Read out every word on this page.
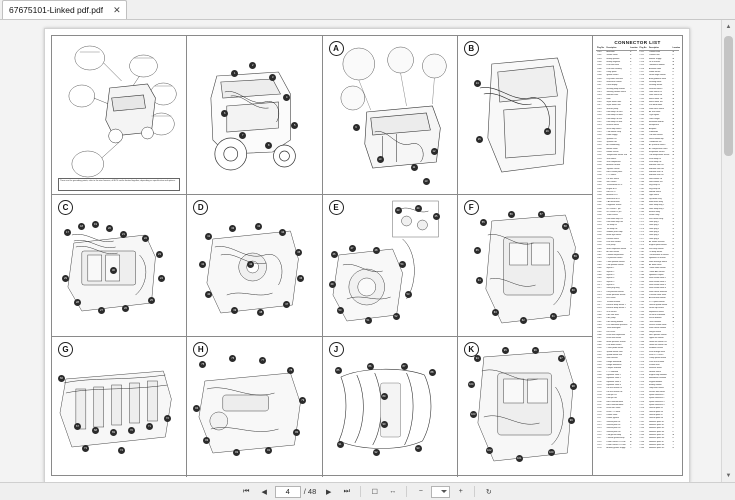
67675101-Linked pdf.pdf ✕
These are the grounding points, refer to the wire harness, all ECU earths located together, depending on specification and options.
1
2
3
4
5
6
7
8
A
9
10
11
12
13
B
14
15
16
C
17
18
19
20
21
22
23
24
25
26
27
28
29
30
D
31
32
33
34
35
36
37
38
39
40
41	42
E	43
44
45
46
47
48
49
50
51
52
53
54
F
55
56	57
58
59
60
61
62
63
64
65
G
66
67
68
69
70
71
72
73
74
H
75
76
77
78
79
80
81
82
83
84
J
85
86	87
88
89
90
91
92
93
K
94
95	96
97
98
99
100
101
102
103
104
CONNECTOR LIST
Plug No.	Description	Location
C001	Alternator	E
C002	Starter motor	E
C003	Battery positive	E
C004	Battery negative	E
C005	Fuse box main	C
C006	Fuse box auxiliary	C
C007	Relay panel	C
C008	Ignition switch	C
C009	Key switch harness	C
C010	Instrument cluster	C
C011	Dash display	C
C012	Warning lamp module	C
C013	Steering column switch	C
C014	Indicator stalk	C
C015	Horn	E
C016	Wiper motor front	A
C017	Wiper motor rear	A
C018	Washer pump	A
C019	Roof lamp LH front	A
C020	Roof lamp RH front	A
C021	Roof lamp LH rear	A
C022	Roof lamp RH rear	A
C023	Beacon socket	A
C024	Work lamp switch	A
C025	Cab interior lamp	A
C026	Radio supply	A
C027	Speaker LH	A
C028	Speaker RH	A
C029	Air conditioning	A
C030	Blower motor	A
C031	Heater control	A
C032	Temperature sensor cab	A
C033	Seat switch	B
C034	Seat compressor	B
C035	Armrest console	B
C036	Joystick control	B
C037	Hitch control panel	B
C038	PTO switch	B
C039	Diff lock switch	B
C040	4WD switch	B
C041	Transmission ECU	D
C042	Engine ECU	E
C043	Hitch ECU	F
C044	Armrest ECU	B
C045	Instrument ECU	C
C046	CAN terminator	D
C047	Diagnostic socket	C
C048	ISO socket 7 pin	K
C049	ISO socket 11 pin	K
C050	Trailer socket	K
C051	Rear work lamp LH	K
C052	Rear work lamp RH	K
C053	Tail lamp LH	K
C054	Tail lamp RH	K
C055	Number plate lamp	K
C056	Brake light switch	K
C057	Reverse alarm	K
C058	Fuel level sender	G
C059	Fuel pump	G
C060	Water separator sensor	G
C061	Air filter sensor	E
C062	Coolant temperature	E
C063	Oil pressure switch	E
C064	Crank position sensor	E
C065	Cam position sensor	E
C066	Injector 1	G
C067	Injector 2	G
C068	Injector 3	G
C069	Injector 4	G
C070	Injector 5	G
C071	Injector 6	G
C072	Glow plug relay	E
C073	Rail pressure sensor	G
C074	Boost pressure sensor	G
C075	EGR valve	G
C076	Throttle actuator	G
C077	Exhaust temp sensor 1	H
C078	Exhaust temp sensor 2	H
C079	NOx sensor	H
C080	DEF tank level	H
C081	DEF pump	H
C082	DEF dosing module	H
C083	DPF differential pressure	H
C084	Turbo wastegate	E
C085	Fan clutch	E
C086	Front axle suspension	D
C087	Front axle sensor	D
C088	Brake pressure sensor	D
C089	Park brake switch	D
C090	Clutch pedal sensor	D
C091	Speed sensor front	D
C092	Speed sensor rear	F
C093	Gear selector	F
C094	Range solenoid A	F
C095	Range solenoid B	F
C096	Creeper solenoid	F
C097	PTO solenoid	F
C098	Hydraulic valve 1	F
C099	Hydraulic valve 2	F
C100	Hydraulic valve 3	F
C101	Hydraulic valve 4	F
C102	Lift arm sensor LH	J
C103	Lift arm sensor RH	J
C104	Draft pin LH	J
C105	Draft pin RH	J
C106	Hitch solenoid raise	J
C107	Hitch solenoid lower	J
C108	Front hitch valve	J
C109	Front PTO valve	J
C110	Loader valve	J
C111	Loader joystick	B
C112	Ground point G1	E
C113	Ground point G2	C
C114	Ground point G3	K
C115	Ground point G4	F
C116	Cab ground strap	A
C117	Chassis ground strap	E
C118	Power socket 12V cab	A
C119	Power socket 12V rear	K
C120	Auxiliary power supply	C
Plug No.	Description	Location
C121	Camera front	A
C122	Camera rear	K
C123	Monitor supply	A
C124	GPS receiver	A
C125	Telematics module	A
C126	Antenna cable	A
C127	Radar sensor	D
C128	Wheel angle sensor	D
C129	Auto guidance valve	F
C130	Steering motor	D
C131	Steering sensor	D
C132	Seat belt switch	B
C133	Door switch LH	A
C134	Door switch RH	A
C135	Mirror motor LH	A
C136	Mirror motor RH	A
C137	Sun blind motor	A
C138	Roof hatch switch	A
C139	Air seat valve	B
C140	Cigar lighter	A
C141	USB charger	A
C142	Bluetooth module	A
C143	Microphone	A
C144	Amplifier	A
C145	Subwoofer	A
C146	Cab filter sensor	A
C147	Recirculation flap	A
C148	Condenser fan	E
C149	AC pressure switch	E
C150	AC compressor clutch	E
C151	Evaporator sensor	A
C152	Cab temperature sensor	A
C153	Front lamp LH	E
C154	Front lamp RH	E
C155	Indicator front LH	E
C156	Indicator front RH	E
C157	Indicator rear LH	K
C158	Indicator rear RH	K
C159	Side marker LH	E
C160	Side marker RH	E
C161	Fog lamp LH	E
C162	Fog lamp RH	E
C163	Hazard switch	C
C164	Light switch	C
C165	Dip beam relay	C
C166	Main beam relay	C
C167	Work lamp relay 1	C
C168	Work lamp relay 2	C
C169	Beacon relay	C
C170	Starter relay	E
C171	Fuel heater relay	G
C172	Glow plug 1	G
C173	Glow plug 2	G
C174	Glow plug 3	G
C175	Glow plug 4	G
C176	Glow plug 5	G
C177	Glow plug 6	G
C178	Air heater element	E
C179	Engine speed sensor	E
C180	Fuel temp sensor	G
C181	Oil temp sensor	F
C182	Transmission oil sensor	F
C183	Hydraulic oil sensor	F
C184	Filter blockage switch	F
C185	Air brake valve	K
C186	Trailer brake sensor	K
C187	Trailer ABS socket	K
C188	Hydraulic coupler	K
C189	Rear remote valve 1	K
C190	Rear remote valve 2	K
C191	Rear remote valve 3	K
C192	Rear remote valve 4	K
C193	Flow control solenoid	F
C194	Pressure relief valve	F
C195	Accumulator sensor	F
C196	PTO speed sensor	F
C197	Ground speed sensor	F
C198	Wheel slip sensor	D
C199	Implement socket	K
C200	ISOBUS terminator	K
C201	Virtual terminal	A
C202	Task controller	A
C203	Section control valve	J
C204	Rate control module	J
C205	Weight sensor	J
C206	Hitch position sensor	J
C207	Upper link sensor	J
C208	Lower link sensor LH	J
C209	Lower link sensor RH	J
C210	Stabiliser sensor	J
C211	Front linkage valve	J
C212	Front PTO clutch	J
C213	Creep speed sensor	F
C214	Park lock actuator	F
C215	Shuttle lever	C
C216	Reverse switch	C
C217	Neutral switch	C
C218	Engine stop solenoid	E
C219	Immobiliser antenna	C
C220	Keypad module	C
C221	Battery isolator	E
C222	Jump start socket	E
C223	Service tool socket	C
C224	Spare connector 1	C
C225	Spare connector 2	K
C226	Spare connector 3	F
C227	Spare connector 4	E
C228	Ground point G5	J
C229	Ground point G6	D
C230	Ground point G7	B
C231	Ground point G8	H
C232	Harness splice S1	E
C233	Harness splice S2	C
C234	Harness splice S3	K
C235	Harness splice S4	F
C236	Harness splice S5	A
C237	Harness splice S6	D
C238	Harness splice S7	G
C239	Harness splice S8	J
C240	Harness splice S9	B
▲
▼
⏮	◀
4	/ 48	▶	⏭	☐	↔	−	+	↻
